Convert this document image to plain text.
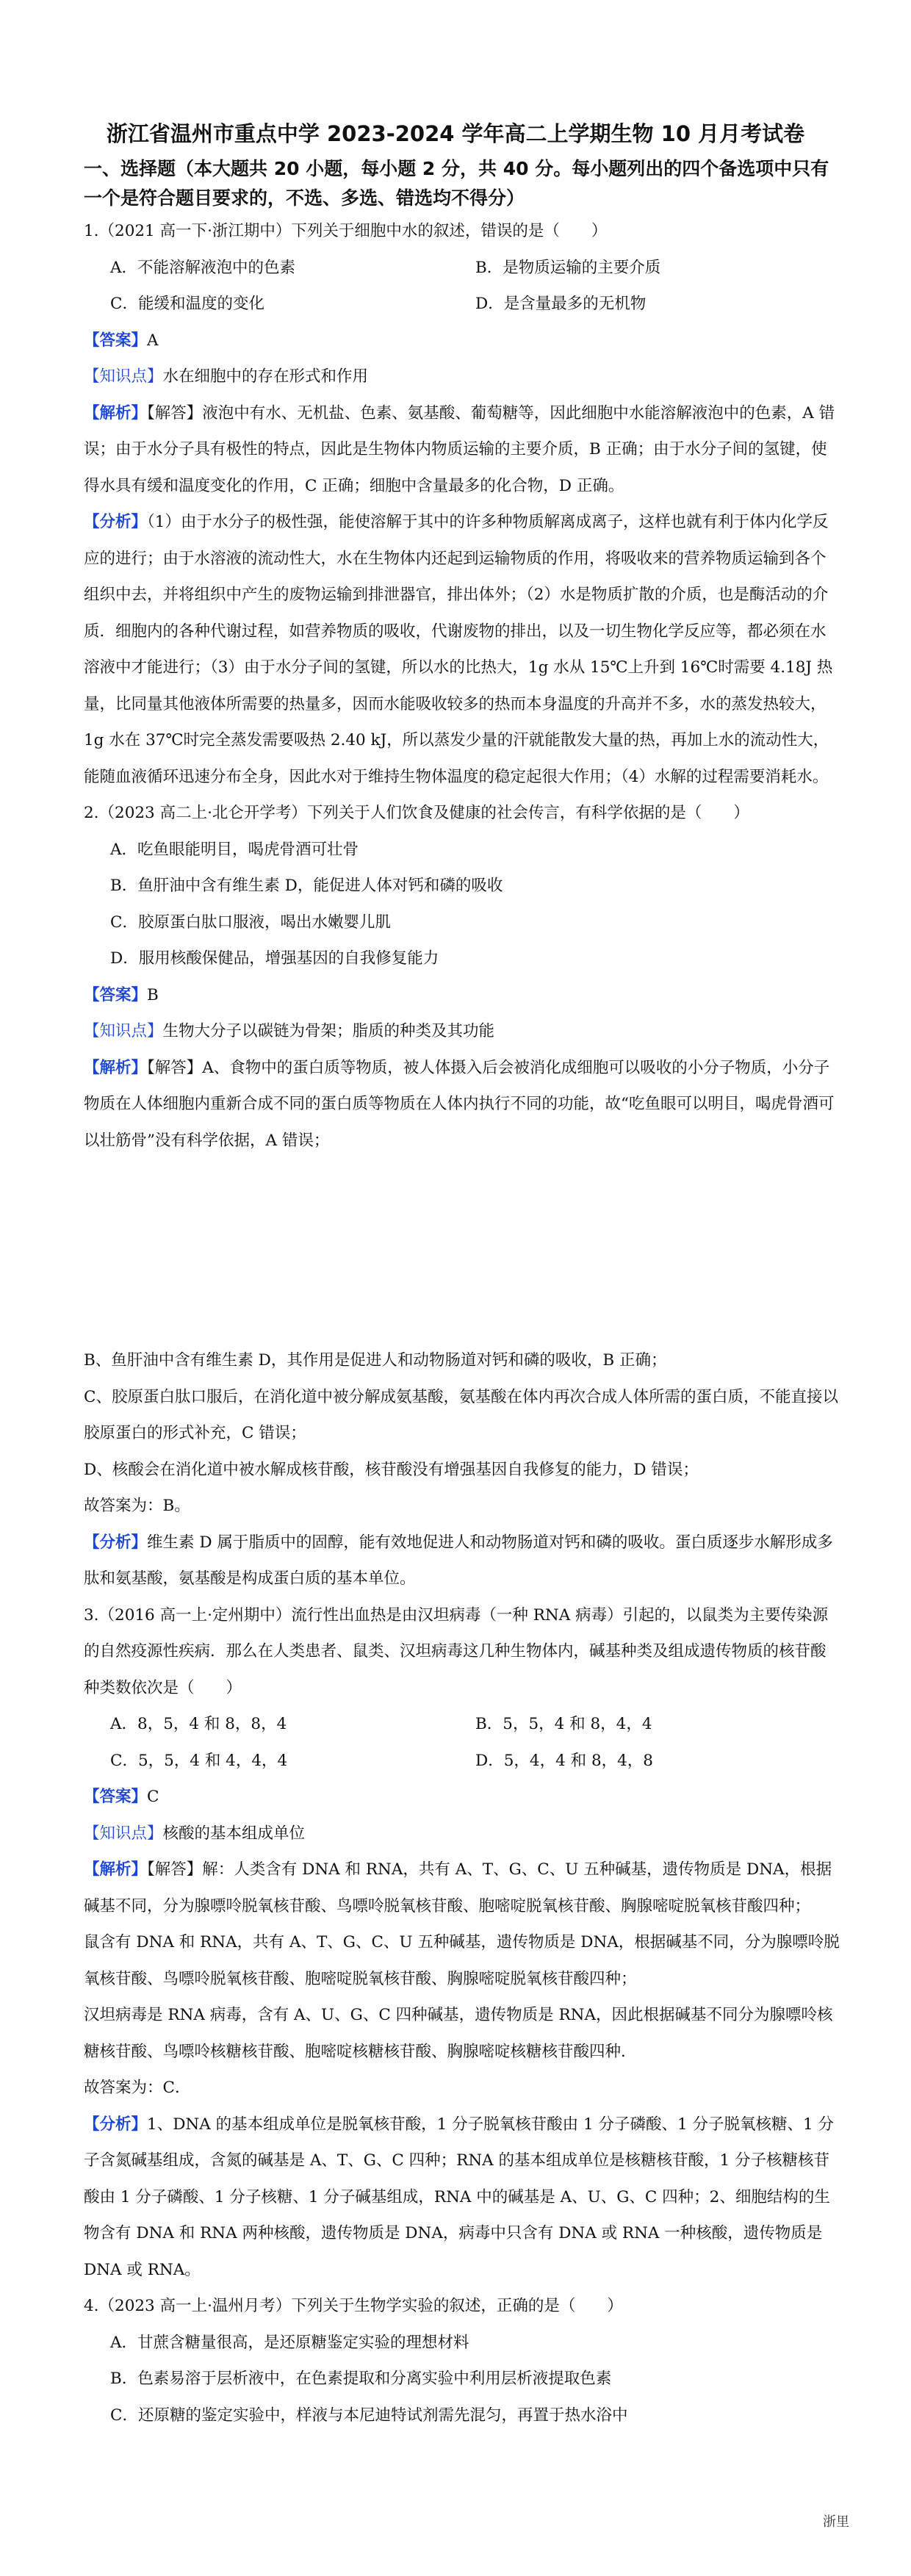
浙江省温州市重点中学 2023-2024 学年高二上学期生物 10 月月考试卷
一、选择题（本大题共 20 小题，每小题 2 分，共 40 分。每小题列出的四个备选项中只有一个是符合题目要求的，不选、多选、错选均不得分）

1.（2021 高一下·浙江期中）下列关于细胞中水的叙述，错误的是（　　）

A．不能溶解液泡中的色素	B．是物质运输的主要介质
C．能缓和温度的变化	D．是含量最多的无机物

【答案】A

【知识点】水在细胞中的存在形式和作用

【解析】【解答】液泡中有水、无机盐、色素、氨基酸、葡萄糖等，因此细胞中水能溶解液泡中的色素，A 错误；由于水分子具有极性的特点，因此是生物体内物质运输的主要介质，B 正确；由于水分子间的氢键，使得水具有缓和温度变化的作用，C 正确；细胞中含量最多的化合物，D 正确。

【分析】（1）由于水分子的极性强，能使溶解于其中的许多种物质解离成离子，这样也就有利于体内化学反应的进行；由于水溶液的流动性大，水在生物体内还起到运输物质的作用，将吸收来的营养物质运输到各个组织中去，并将组织中产生的废物运输到排泄器官，排出体外；（2）水是物质扩散的介质，也是酶活动的介质．细胞内的各种代谢过程，如营养物质的吸收，代谢废物的排出，以及一切生物化学反应等，都必须在水溶液中才能进行；（3）由于水分子间的氢键，所以水的比热大，1g 水从 15℃上升到 16℃时需要 4.18J 热量，比同量其他液体所需要的热量多，因而水能吸收较多的热而本身温度的升高并不多，水的蒸发热较大，1g 水在 37℃时完全蒸发需要吸热 2.40 kJ，所以蒸发少量的汗就能散发大量的热，再加上水的流动性大，能随血液循环迅速分布全身，因此水对于维持生物体温度的稳定起很大作用；（4）水解的过程需要消耗水。

2.（2023 高二上·北仑开学考）下列关于人们饮食及健康的社会传言，有科学依据的是（　　）

A．吃鱼眼能明目，喝虎骨酒可壮骨

B．鱼肝油中含有维生素 D，能促进人体对钙和磷的吸收

C．胶原蛋白肽口服液，喝出水嫩婴儿肌

D．服用核酸保健品，增强基因的自我修复能力

【答案】B

【知识点】生物大分子以碳链为骨架；脂质的种类及其功能

【解析】【解答】A、食物中的蛋白质等物质，被人体摄入后会被消化成细胞可以吸收的小分子物质，小分子物质在人体细胞内重新合成不同的蛋白质等物质在人体内执行不同的功能，故“吃鱼眼可以明目，喝虎骨酒可以壮筋骨”没有科学依据，A 错误；

B、鱼肝油中含有维生素 D，其作用是促进人和动物肠道对钙和磷的吸收，B 正确；

C、胶原蛋白肽口服后，在消化道中被分解成氨基酸，氨基酸在体内再次合成人体所需的蛋白质，不能直接以胶原蛋白的形式补充，C 错误；

D、核酸会在消化道中被水解成核苷酸，核苷酸没有增强基因自我修复的能力，D 错误；

故答案为：B。

【分析】维生素 D 属于脂质中的固醇，能有效地促进人和动物肠道对钙和磷的吸收。蛋白质逐步水解形成多肽和氨基酸，氨基酸是构成蛋白质的基本单位。

3.（2016 高一上·定州期中）流行性出血热是由汉坦病毒（一种 RNA 病毒）引起的，以鼠类为主要传染源的自然疫源性疾病．那么在人类患者、鼠类、汉坦病毒这几种生物体内，碱基种类及组成遗传物质的核苷酸种类数依次是（　　）

A．8，5，4 和 8，8，4	B．5，5，4 和 8，4，4
C．5，5，4 和 4，4，4	D．5，4，4 和 8，4，8

【答案】C

【知识点】核酸的基本组成单位

【解析】【解答】解：人类含有 DNA 和 RNA，共有 A、T、G、C、U 五种碱基，遗传物质是 DNA，根据碱基不同，分为腺嘌呤脱氧核苷酸、鸟嘌呤脱氧核苷酸、胞嘧啶脱氧核苷酸、胸腺嘧啶脱氧核苷酸四种；

鼠含有 DNA 和 RNA，共有 A、T、G、C、U 五种碱基，遗传物质是 DNA，根据碱基不同，分为腺嘌呤脱氧核苷酸、鸟嘌呤脱氧核苷酸、胞嘧啶脱氧核苷酸、胸腺嘧啶脱氧核苷酸四种；

汉坦病毒是 RNA 病毒，含有 A、U、G、C 四种碱基，遗传物质是 RNA，因此根据碱基不同分为腺嘌呤核糖核苷酸、鸟嘌呤核糖核苷酸、胞嘧啶核糖核苷酸、胸腺嘧啶核糖核苷酸四种．

故答案为：C．

【分析】1、DNA 的基本组成单位是脱氧核苷酸，1 分子脱氧核苷酸由 1 分子磷酸、1 分子脱氧核糖、1 分子含氮碱基组成，含氮的碱基是 A、T、G、C 四种；RNA 的基本组成单位是核糖核苷酸，1 分子核糖核苷酸由 1 分子磷酸、1 分子核糖、1 分子碱基组成，RNA 中的碱基是 A、U、G、C 四种；2、细胞结构的生物含有 DNA 和 RNA 两种核酸，遗传物质是 DNA，病毒中只含有 DNA 或 RNA 一种核酸，遗传物质是 DNA 或 RNA。

4.（2023 高一上·温州月考）下列关于生物学实验的叙述，正确的是（　　）

A．甘蔗含糖量很高，是还原糖鉴定实验的理想材料

B．色素易溶于层析液中，在色素提取和分离实验中利用层析液提取色素

C．还原糖的鉴定实验中，样液与本尼迪特试剂需先混匀，再置于热水浴中

浙里
